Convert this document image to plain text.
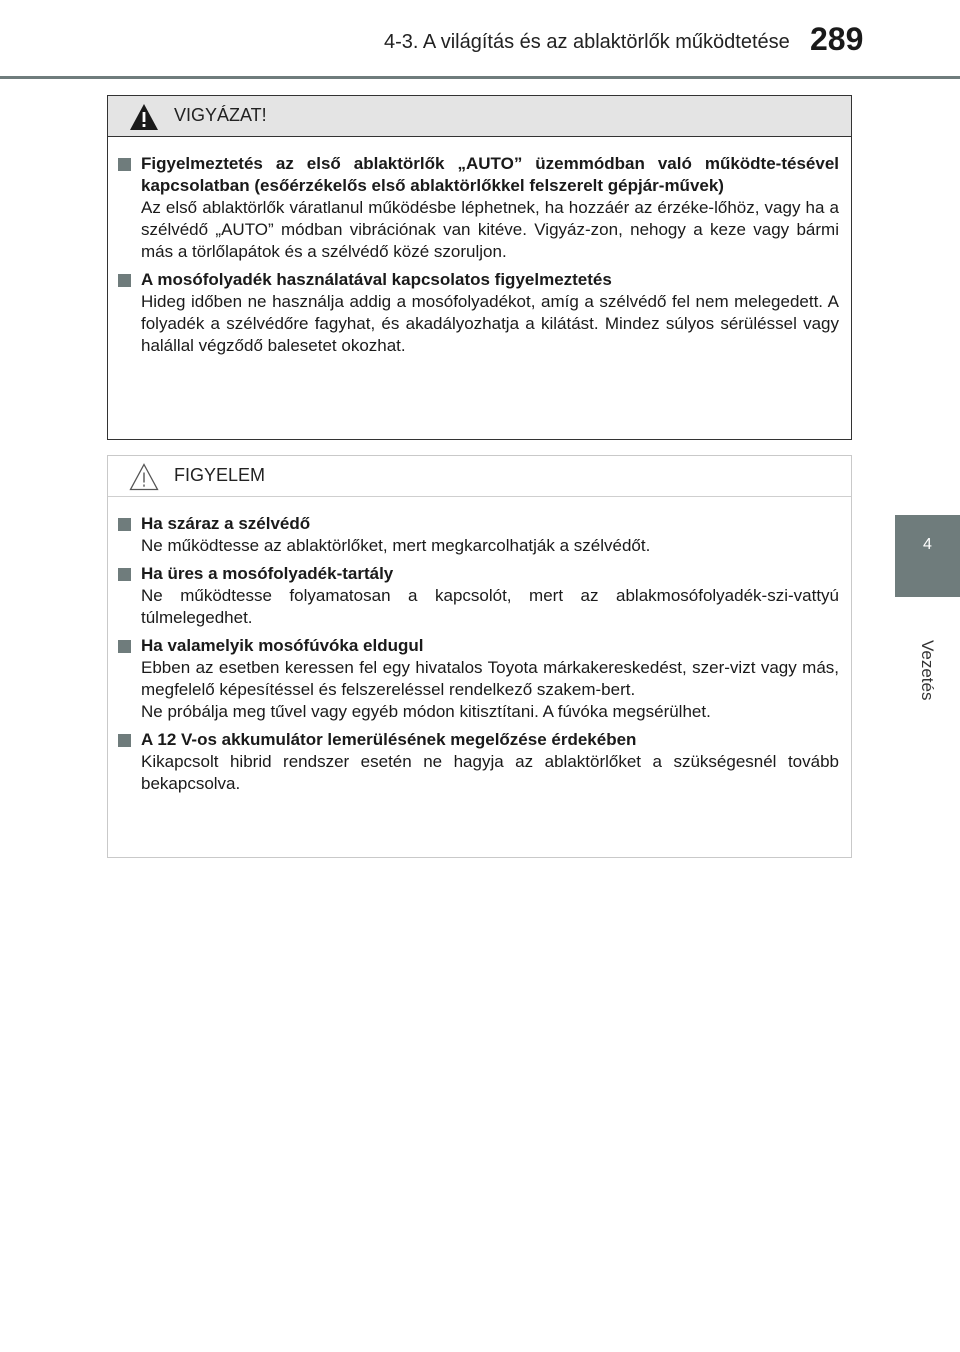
4-3. A világítás és az ablaktörlők működtetése 289
4
Vezetés
VIGYÁZAT!
Figyelmeztetés az első ablaktörlők „AUTO” üzemmódban való működte-tésével kapcsolatban (esőérzékelős első ablaktörlőkkel felszerelt gépjár-művek)
Az első ablaktörlők váratlanul működésbe léphetnek, ha hozzáér az érzéke-lőhöz, vagy ha a szélvédő „AUTO” módban vibrációnak van kitéve. Vigyáz-zon, nehogy a keze vagy bármi más a törlőlapátok és a szélvédő közé szoruljon.
A mosófolyadék használatával kapcsolatos figyelmeztetés
Hideg időben ne használja addig a mosófolyadékot, amíg a szélvédő fel nem melegedett. A folyadék a szélvédőre fagyhat, és akadályozhatja a kilátást. Mindez súlyos sérüléssel vagy halállal végződő balesetet okozhat.
FIGYELEM
Ha száraz a szélvédő
Ne működtesse az ablaktörlőket, mert megkarcolhatják a szélvédőt.
Ha üres a mosófolyadék-tartály
Ne működtesse folyamatosan a kapcsolót, mert az ablakmosófolyadék-szi-vattyú túlmelegedhet.
Ha valamelyik mosófúvóka eldugul
Ebben az esetben keressen fel egy hivatalos Toyota márkakereskedést, szer-vizt vagy más, megfelelő képesítéssel és felszereléssel rendelkező szakem-bert.
Ne próbálja meg tűvel vagy egyéb módon kitisztítani. A fúvóka megsérülhet.
A 12 V-os akkumulátor lemerülésének megelőzése érdekében
Kikapcsolt hibrid rendszer esetén ne hagyja az ablaktörlőket a szükségesnél tovább bekapcsolva.
